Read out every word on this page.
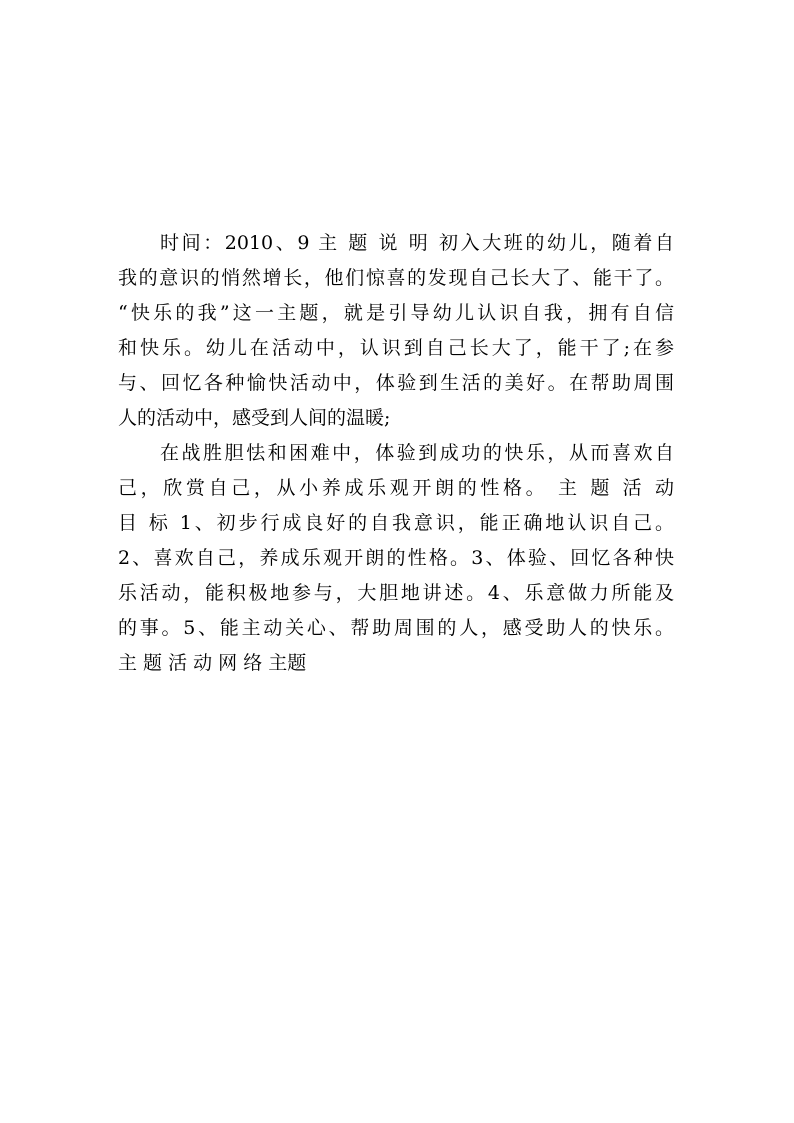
时间：2010、9 主 题 说 明 初入大班的幼儿，随着自
我的意识的悄然增长，他们惊喜的发现自己长大了、能干了。
“快乐的我”这一主题，就是引导幼儿认识自我，拥有自信
和快乐。幼儿在活动中，认识到自己长大了，能干了;在参
与、回忆各种愉快活动中，体验到生活的美好。在帮助周围
人的活动中，感受到人间的温暖;
在战胜胆怯和困难中，体验到成功的快乐，从而喜欢自
己，欣赏自己，从小养成乐观开朗的性格。 主 题 活 动
目 标 1、初步行成良好的自我意识，能正确地认识自己。
2、喜欢自己，养成乐观开朗的性格。3、体验、回忆各种快
乐活动，能积极地参与，大胆地讲述。4、乐意做力所能及
的事。5、能主动关心、帮助周围的人，感受助人的快乐。
主 题 活 动 网 络 主题
